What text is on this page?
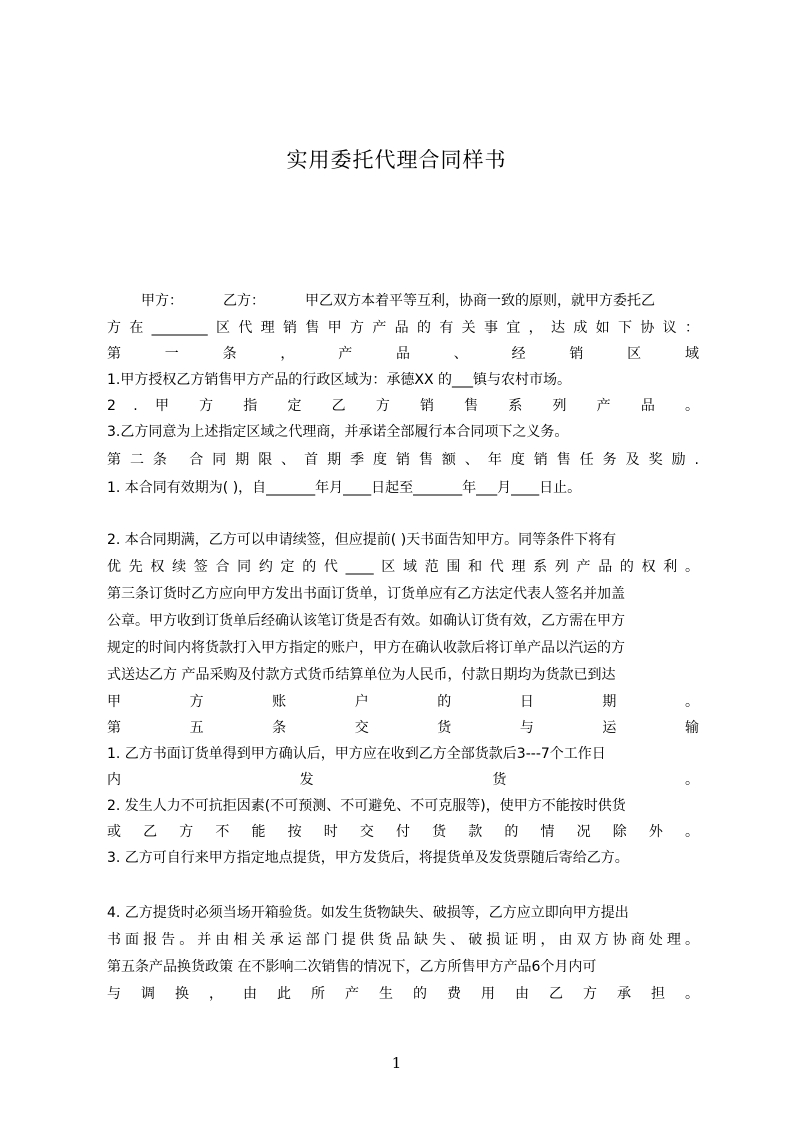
实用委托代理合同样书
甲方：	乙方：	甲乙双方本着平等互利，协商一致的原则，就甲方委托乙
方在________区代理销售甲方产品的有关事宜，达成如下协议：
第 一 条 ， 产 品 、 经 销 区 域
1.甲方授权乙方销售甲方产品的行政区域为：承德XX 的___镇与农村市场。
2 . 甲 方 指 定 乙 方 销 售 系 列 产 品 。
3.乙方同意为上述指定区域之代理商，并承诺全部履行本合同项下之义务。
第二条 合同期限、首期季度销售额、年度销售任务及奖励.
1. 本合同有效期为( )，自_______年月____日起至_______年___月____日止。
2. 本合同期满，乙方可以申请续签，但应提前( )天书面告知甲方。同等条件下将有
优先权续签合同约定的代____区域范围和代理系列产品的权利。
第三条订货时乙方应向甲方发出书面订货单，订货单应有乙方法定代表人签名并加盖
公章。甲方收到订货单后经确认该笔订货是否有效。如确认订货有效，乙方需在甲方
规定的时间内将货款打入甲方指定的账户，甲方在确认收款后将订单产品以汽运的方
式送达乙方 产品采购及付款方式货币结算单位为人民币，付款日期均为货款已到达
甲 方 账 户 的 日 期 。
第 五 条 交 货 与 运 输
1. 乙方书面订货单得到甲方确认后，甲方应在收到乙方全部货款后3---7个工作日
内 发 货 。
2. 发生人力不可抗拒因素(不可预测、不可避免、不可克服等)，使甲方不能按时供货
或 乙 方 不 能 按 时 交 付 货 款 的 情 况 除 外 。
3. 乙方可自行来甲方指定地点提货，甲方发货后，将提货单及发货票随后寄给乙方。
4. 乙方提货时必须当场开箱验货。如发生货物缺失、破损等，乙方应立即向甲方提出
书面报告。并由相关承运部门提供货品缺失、破损证明，由双方协商处理。
第五条产品换货政策 在不影响二次销售的情况下，乙方所售甲方产品6个月内可
与 调 换 ， 由 此 所 产 生 的 费 用 由 乙 方 承 担 。
1
